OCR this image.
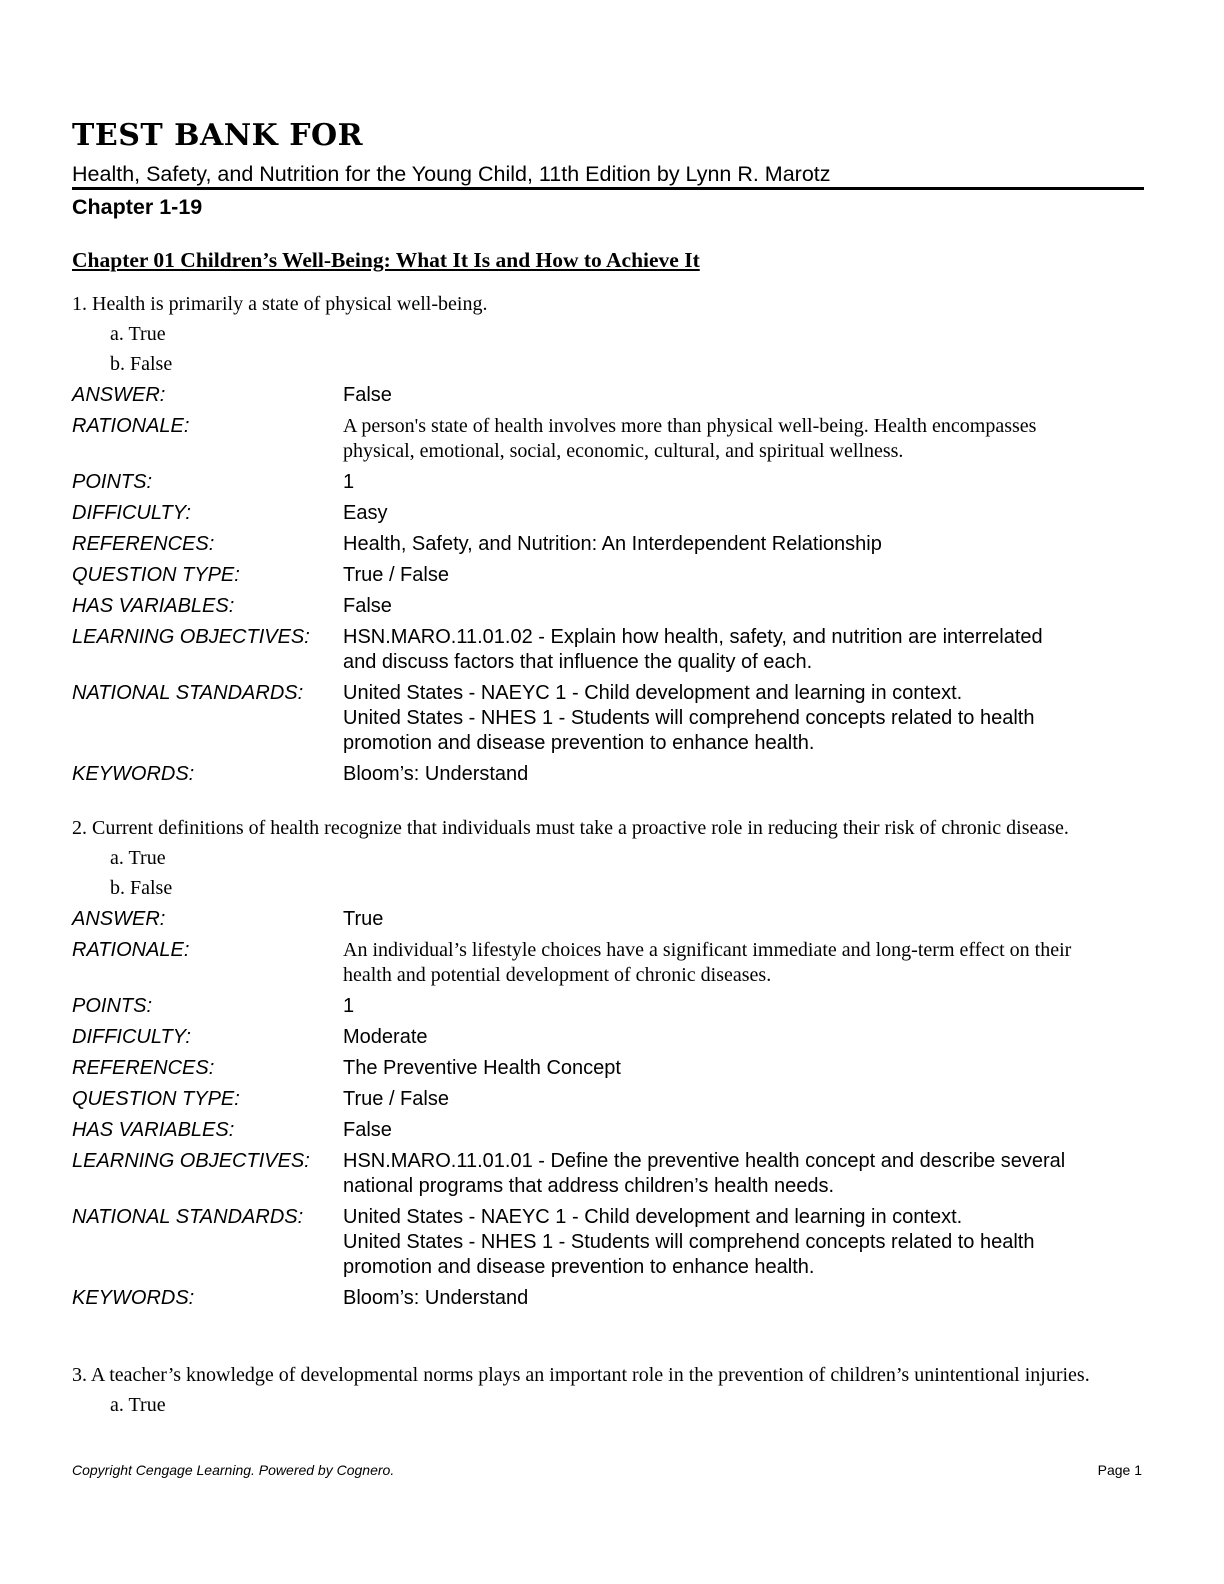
TEST BANK FOR
Health, Safety, and Nutrition for the Young Child, 11th Edition by Lynn R. Marotz
Chapter 1-19
Chapter 01 Children’s Well-Being: What It Is and How to Achieve It
1. Health is primarily a state of physical well-being.
a. True
b. False
ANSWER:	False
RATIONALE:	A person's state of health involves more than physical well-being. Health encompasses
physical, emotional, social, economic, cultural, and spiritual wellness.
POINTS:	1
DIFFICULTY:	Easy
REFERENCES:	Health, Safety, and Nutrition: An Interdependent Relationship
QUESTION TYPE:	True / False
HAS VARIABLES:	False
LEARNING OBJECTIVES:	HSN.MARO.11.01.02 - Explain how health, safety, and nutrition are interrelated
and discuss factors that influence the quality of each.
NATIONAL STANDARDS:	United States - NAEYC 1 - Child development and learning in context.
United States - NHES 1 - Students will comprehend concepts related to health
promotion and disease prevention to enhance health.
KEYWORDS:	Bloom’s: Understand
2. Current definitions of health recognize that individuals must take a proactive role in reducing their risk of chronic disease.
a. True
b. False
ANSWER:	True
RATIONALE:	An individual’s lifestyle choices have a significant immediate and long-term effect on their
health and potential development of chronic diseases.
POINTS:	1
DIFFICULTY:	Moderate
REFERENCES:	The Preventive Health Concept
QUESTION TYPE:	True / False
HAS VARIABLES:	False
LEARNING OBJECTIVES:	HSN.MARO.11.01.01 - Define the preventive health concept and describe several
national programs that address children’s health needs.
NATIONAL STANDARDS:	United States - NAEYC 1 - Child development and learning in context.
United States - NHES 1 - Students will comprehend concepts related to health
promotion and disease prevention to enhance health.
KEYWORDS:	Bloom’s: Understand
3. A teacher’s knowledge of developmental norms plays an important role in the prevention of children’s unintentional injuries.
a. True
Copyright Cengage Learning. Powered by Cognero.	Page 1
